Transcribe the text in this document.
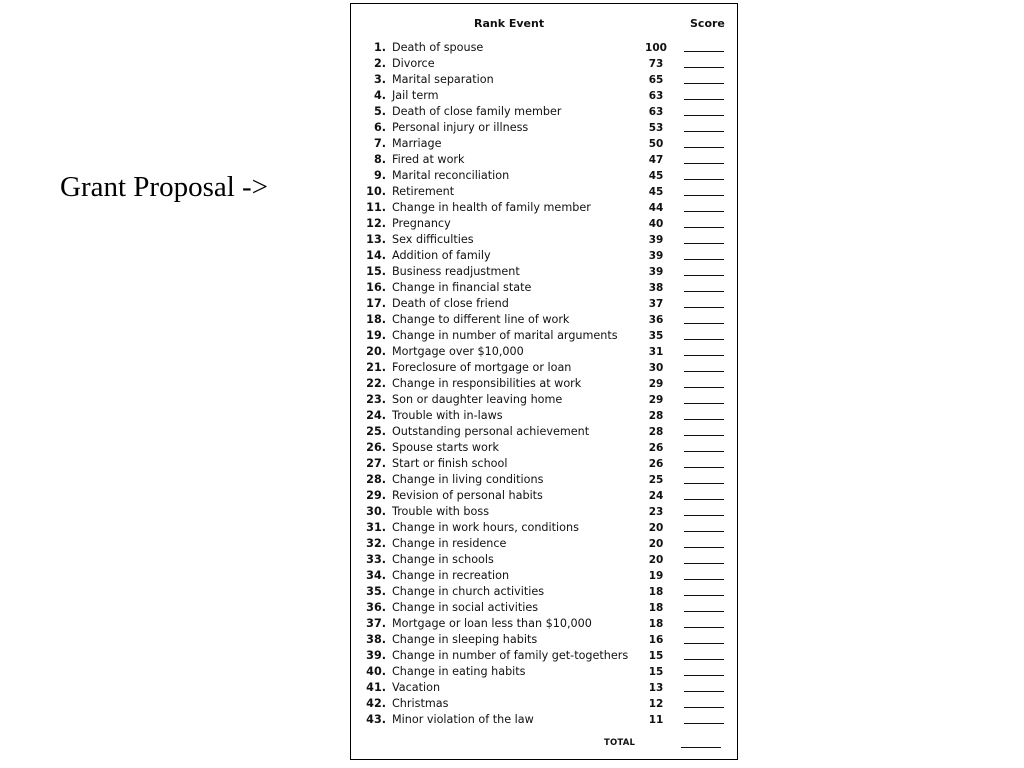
Grant Proposal ->
Rank Event	Score
1. Death of spouse	100
2. Divorce	73
3. Marital separation	65
4. Jail term	63
5. Death of close family member	63
6. Personal injury or illness	53
7. Marriage	50
8. Fired at work	47
9. Marital reconciliation	45
10. Retirement	45
11. Change in health of family member	44
12. Pregnancy	40
13. Sex difficulties	39
14. Addition of family	39
15. Business readjustment	39
16. Change in financial state	38
17. Death of close friend	37
18. Change to different line of work	36
19. Change in number of marital arguments	35
20. Mortgage over $10,000	31
21. Foreclosure of mortgage or loan	30
22. Change in responsibilities at work	29
23. Son or daughter leaving home	29
24. Trouble with in-laws	28
25. Outstanding personal achievement	28
26. Spouse starts work	26
27. Start or finish school	26
28. Change in living conditions	25
29. Revision of personal habits	24
30. Trouble with boss	23
31. Change in work hours, conditions	20
32. Change in residence	20
33. Change in schools	20
34. Change in recreation	19
35. Change in church activities	18
36. Change in social activities	18
37. Mortgage or loan less than $10,000	18
38. Change in sleeping habits	16
39. Change in number of family get-togethers	15
40. Change in eating habits	15
41. Vacation	13
42. Christmas	12
43. Minor violation of the law	11
TOTAL
